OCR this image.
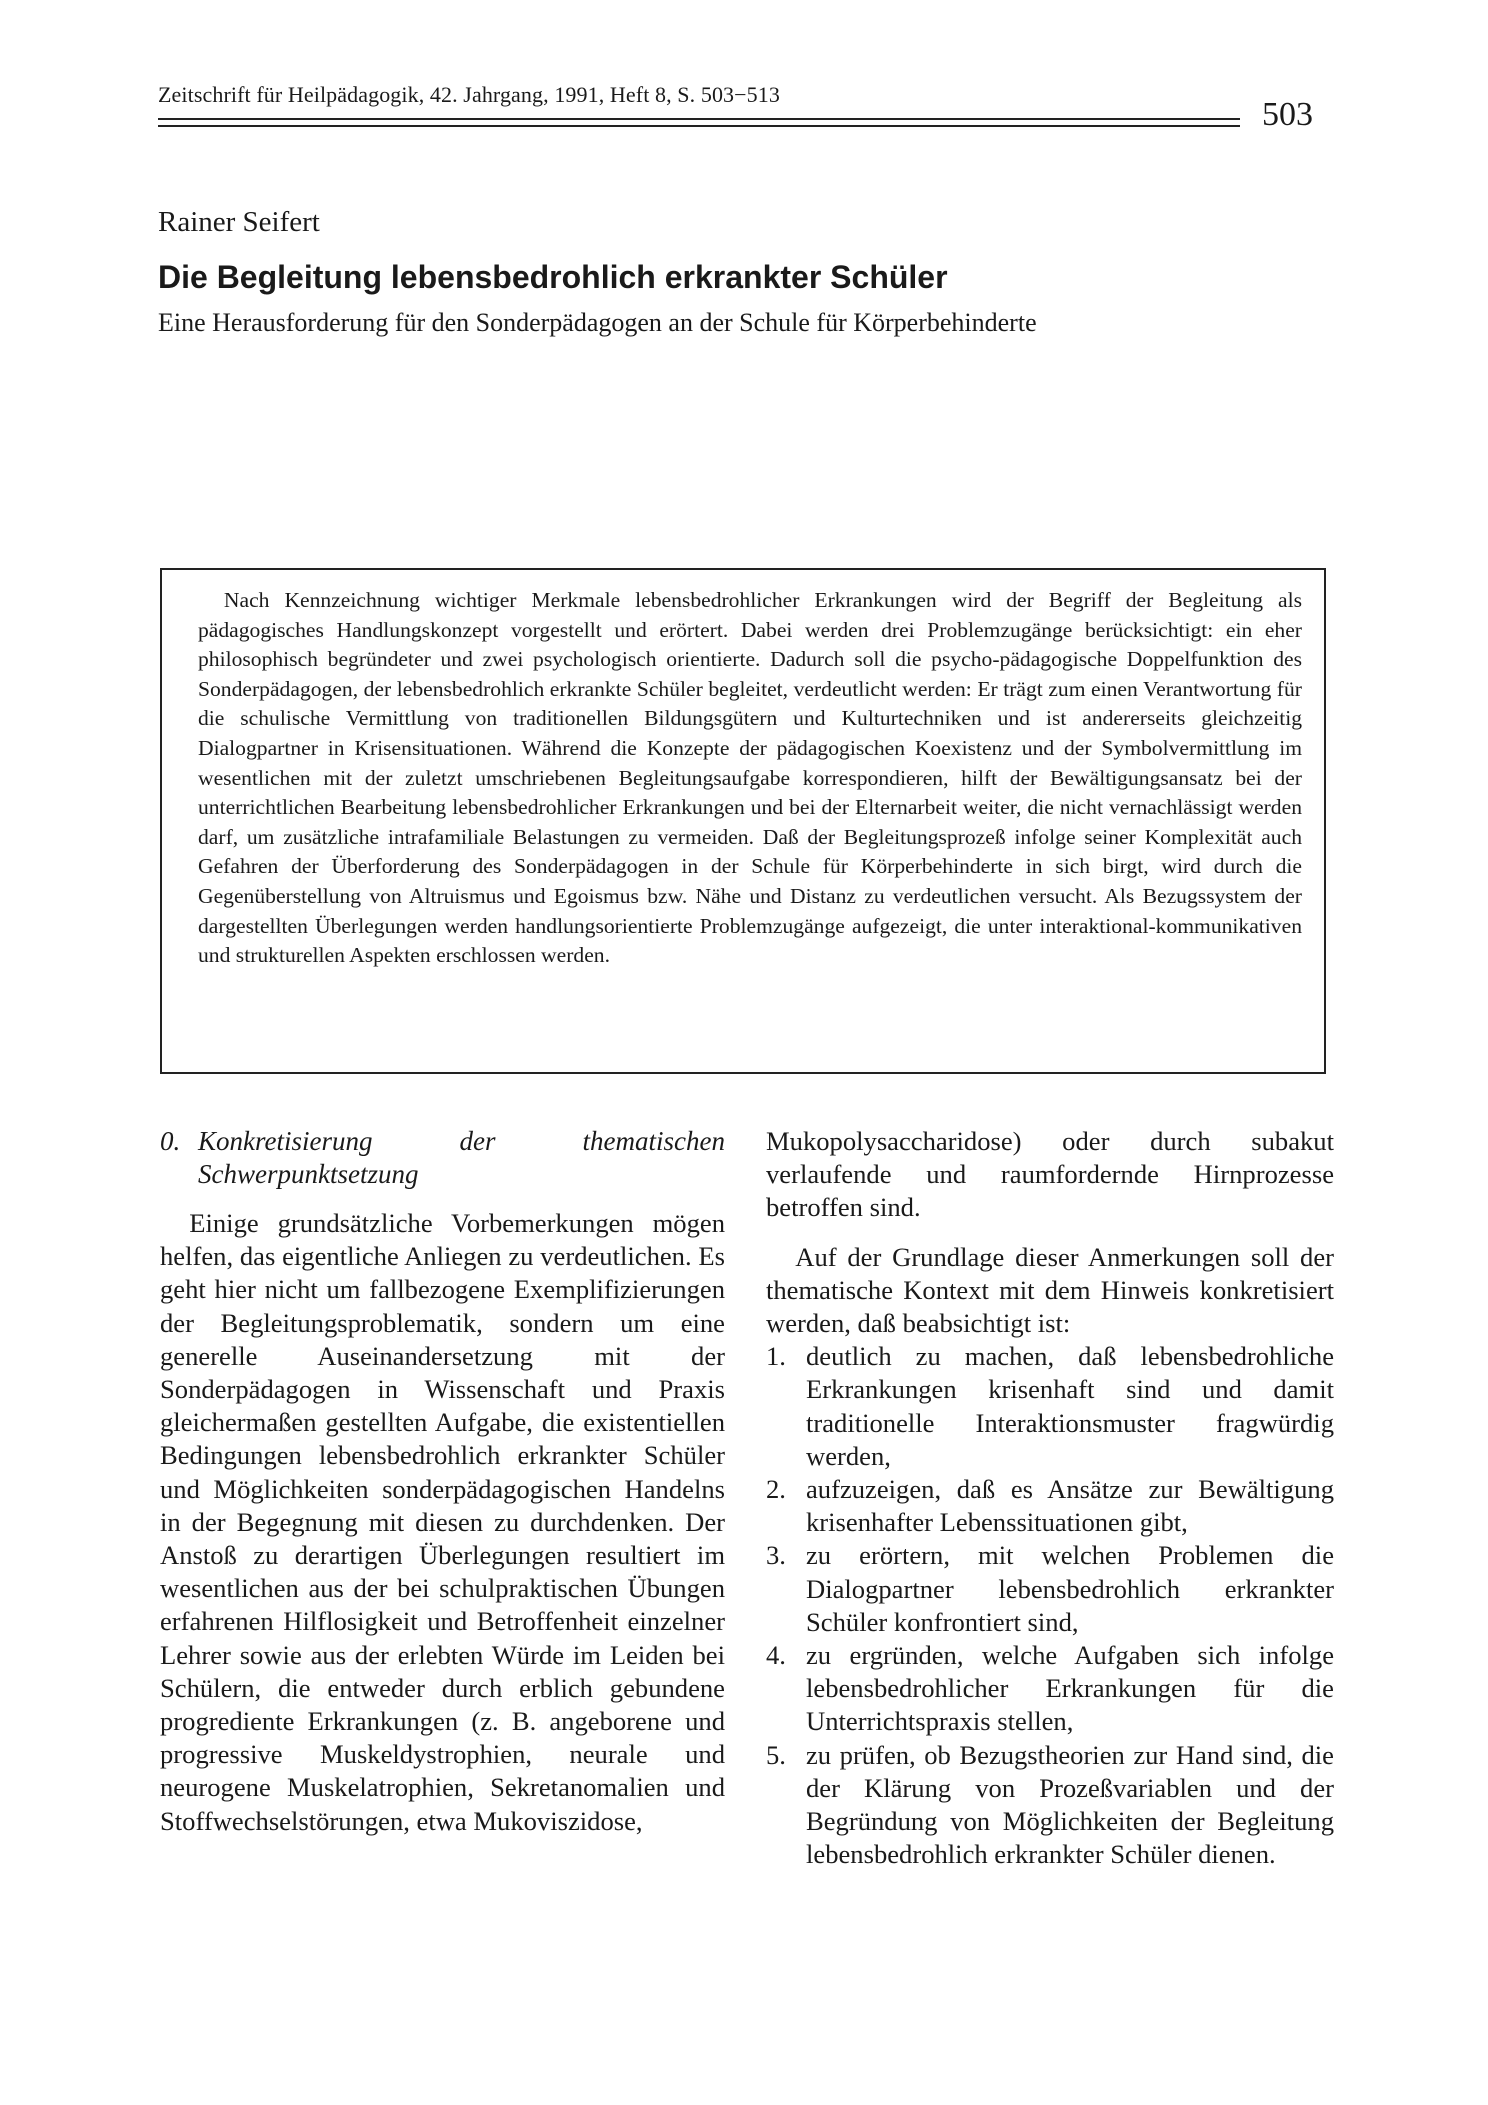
Zeitschrift für Heilpädagogik, 42. Jahrgang, 1991, Heft 8, S. 503−513
503
Rainer Seifert
Die Begleitung lebensbedrohlich erkrankter Schüler
Eine Herausforderung für den Sonderpädagogen an der Schule für Körperbehinderte

Nach Kennzeichnung wichtiger Merkmale lebensbedrohlicher Erkrankungen wird der Begriff der Begleitung als pädagogisches Handlungskonzept vorgestellt und erörtert. Dabei werden drei Problemzugänge berücksichtigt: ein eher philosophisch begründeter und zwei psychologisch orientierte. Dadurch soll die psycho-pädagogische Doppelfunktion des Sonderpädagogen, der lebensbedrohlich erkrankte Schüler begleitet, verdeutlicht werden: Er trägt zum einen Verantwortung für die schulische Vermittlung von traditionellen Bildungsgütern und Kulturtechniken und ist andererseits gleichzeitig Dialogpartner in Krisensituationen. Während die Konzepte der pädagogischen Koexistenz und der Symbolvermittlung im wesentlichen mit der zuletzt umschriebenen Begleitungsaufgabe korrespondieren, hilft der Bewältigungsansatz bei der unterrichtlichen Bearbeitung lebensbedrohlicher Erkrankungen und bei der Elternarbeit weiter, die nicht vernachlässigt werden darf, um zusätzliche intrafamiliale Belastungen zu vermeiden. Daß der Begleitungsprozeß infolge seiner Komplexität auch Gefahren der Überforderung des Sonderpädagogen in der Schule für Körperbehinderte in sich birgt, wird durch die Gegenüberstellung von Altruismus und Egoismus bzw. Nähe und Distanz zu verdeutlichen versucht. Als Bezugssystem der dargestellten Überlegungen werden handlungsorientierte Problemzugänge aufgezeigt, die unter interaktional-kommunikativen und strukturellen Aspekten erschlossen werden.

0. Konkretisierung der thematischen Schwerpunktsetzung

Einige grundsätzliche Vorbemerkungen mögen helfen, das eigentliche Anliegen zu verdeutlichen. Es geht hier nicht um fallbezogene Exemplifizierungen der Begleitungsproblematik, sondern um eine generelle Auseinandersetzung mit der Sonderpädagogen in Wissenschaft und Praxis gleichermaßen gestellten Aufgabe, die existentiellen Bedingungen lebensbedrohlich erkrankter Schüler und Möglichkeiten sonderpädagogischen Handelns in der Begegnung mit diesen zu durchdenken. Der Anstoß zu derartigen Überlegungen resultiert im wesentlichen aus der bei schulpraktischen Übungen erfahrenen Hilflosigkeit und Betroffenheit einzelner Lehrer sowie aus der erlebten Würde im Leiden bei Schülern, die entweder durch erblich gebundene progrediente Erkrankungen (z. B. angeborene und progressive Muskeldystrophien, neurale und neurogene Muskelatrophien, Sekretanomalien und Stoffwechselstörungen, etwa Mukoviszidose,

Mukopolysaccharidose) oder durch subakut verlaufende und raumfordernde Hirnprozesse betroffen sind.

Auf der Grundlage dieser Anmerkungen soll der thematische Kontext mit dem Hinweis konkretisiert werden, daß beabsichtigt ist:

1. deutlich zu machen, daß lebensbedrohliche Erkrankungen krisenhaft sind und damit traditionelle Interaktionsmuster fragwürdig werden,
2. aufzuzeigen, daß es Ansätze zur Bewältigung krisenhafter Lebenssituationen gibt,
3. zu erörtern, mit welchen Problemen die Dialogpartner lebensbedrohlich erkrankter Schüler konfrontiert sind,
4. zu ergründen, welche Aufgaben sich infolge lebensbedrohlicher Erkrankungen für die Unterrichtspraxis stellen,
5. zu prüfen, ob Bezugstheorien zur Hand sind, die der Klärung von Prozeßvariablen und der Begründung von Möglichkeiten der Begleitung lebensbedrohlich erkrankter Schüler dienen.
